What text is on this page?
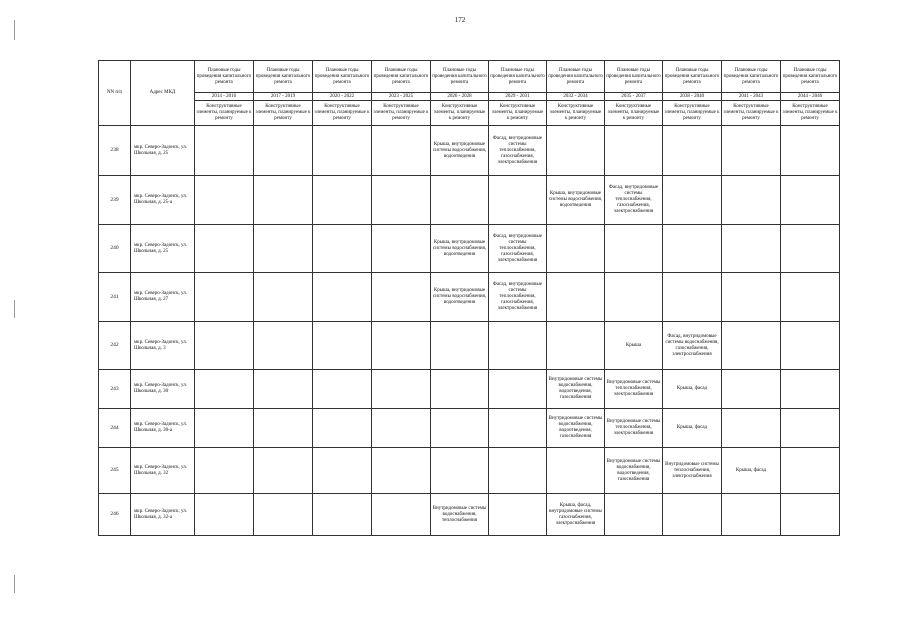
172
NN п/п	Адрес МКД	Плановые годы проведения капитального ремонта	Плановые годы проведения капитального ремонта	Плановые годы проведения капитального ремонта	Плановые годы проведения капитального ремонта	Плановые годы проведения капитального ремонта	Плановые годы проведения капитального ремонта	Плановые годы проведения капитального ремонта	Плановые годы проведения капитального ремонта	Плановые годы проведения капитального ремонта	Плановые годы проведения капитального ремонта	Плановые годы проведения капитального ремонта
		2014 - 2016	2017 - 2019	2020 - 2022	2023 - 2025	2026 - 2028	2029 - 2031	2032 - 2034	2035 - 2037	2038 - 2040	2041 - 2043	2044 - 2046
		Конструктивные элементы, планируемые к ремонту	Конструктивные элементы, планируемые к ремонту	Конструктивные элементы, планируемые к ремонту	Конструктивные элементы, планируемые к ремонту	Конструктивные элементы, планируемые к ремонту	Конструктивные элементы, планируемые к ремонту	Конструктивные элементы, планируемые к ремонту	Конструктивные элементы, планируемые к ремонту	Конструктивные элементы, планируемые к ремонту	Конструктивные элементы, планируемые к ремонту	Конструктивные элементы, планируемые к ремонту
238	мкр. Северо-Задонск, ул. Школьная, д. 25					Крыша, внутридомовые системы водоснабжения, водоотведения	Фасад, внутридомовые системы теплоснабжения, газоснабжения, электроснабжения					
239	мкр. Северо-Задонск, ул. Школьная, д. 25-а							Крыша, внутридомовые системы водоснабжения, водоотведения	Фасад, внутридомовые системы теплоснабжения, газоснабжения, электроснабжения			
240	мкр. Северо-Задонск, ул. Школьная, д. 25					Крыша, внутридомовые системы водоснабжения, водоотведения	Фасад, внутридомовые системы теплоснабжения, газоснабжения, электроснабжения					
241	мкр. Северо-Задонск, ул. Школьная, д. 27					Крыша, внутридомовые системы водоснабжения, водоотведения	Фасад, внутридомовые системы теплоснабжения, газоснабжения, электроснабжения					
242	мкр. Северо-Задонск, ул. Школьная, д. 3								Крыша	Фасад, внутридомовые системы водоснабжения, газоснабжения, электроснабжения		
243	мкр. Северо-Задонск, ул. Школьная, д. 30							Внутридомовые системы водоснабжения, водоотведения, газоснабжения	Внутридомовые системы теплоснабжения, электроснабжения	Крыша, фасад		
244	мкр. Северо-Задонск, ул. Школьная, д. 30-а							Внутридомовые системы водоснабжения, водоотведения, газоснабжения	Внутридомовые системы теплоснабжения, электроснабжения	Крыша, фасад		
245	мкр. Северо-Задонск, ул. Школьная, д. 32								Внутридомовые системы водоснабжения, водоотведения, газоснабжения	Внутридомовые системы теплоснабжения, электроснабжения	Крыша, фасад	
246	мкр. Северо-Задонск, ул. Школьная, д. 32-а					Внутридомовые системы водоснабжения, теплоснабжения		Крыша, фасад, внутридомовые системы газоснабжения, электроснабжения				
